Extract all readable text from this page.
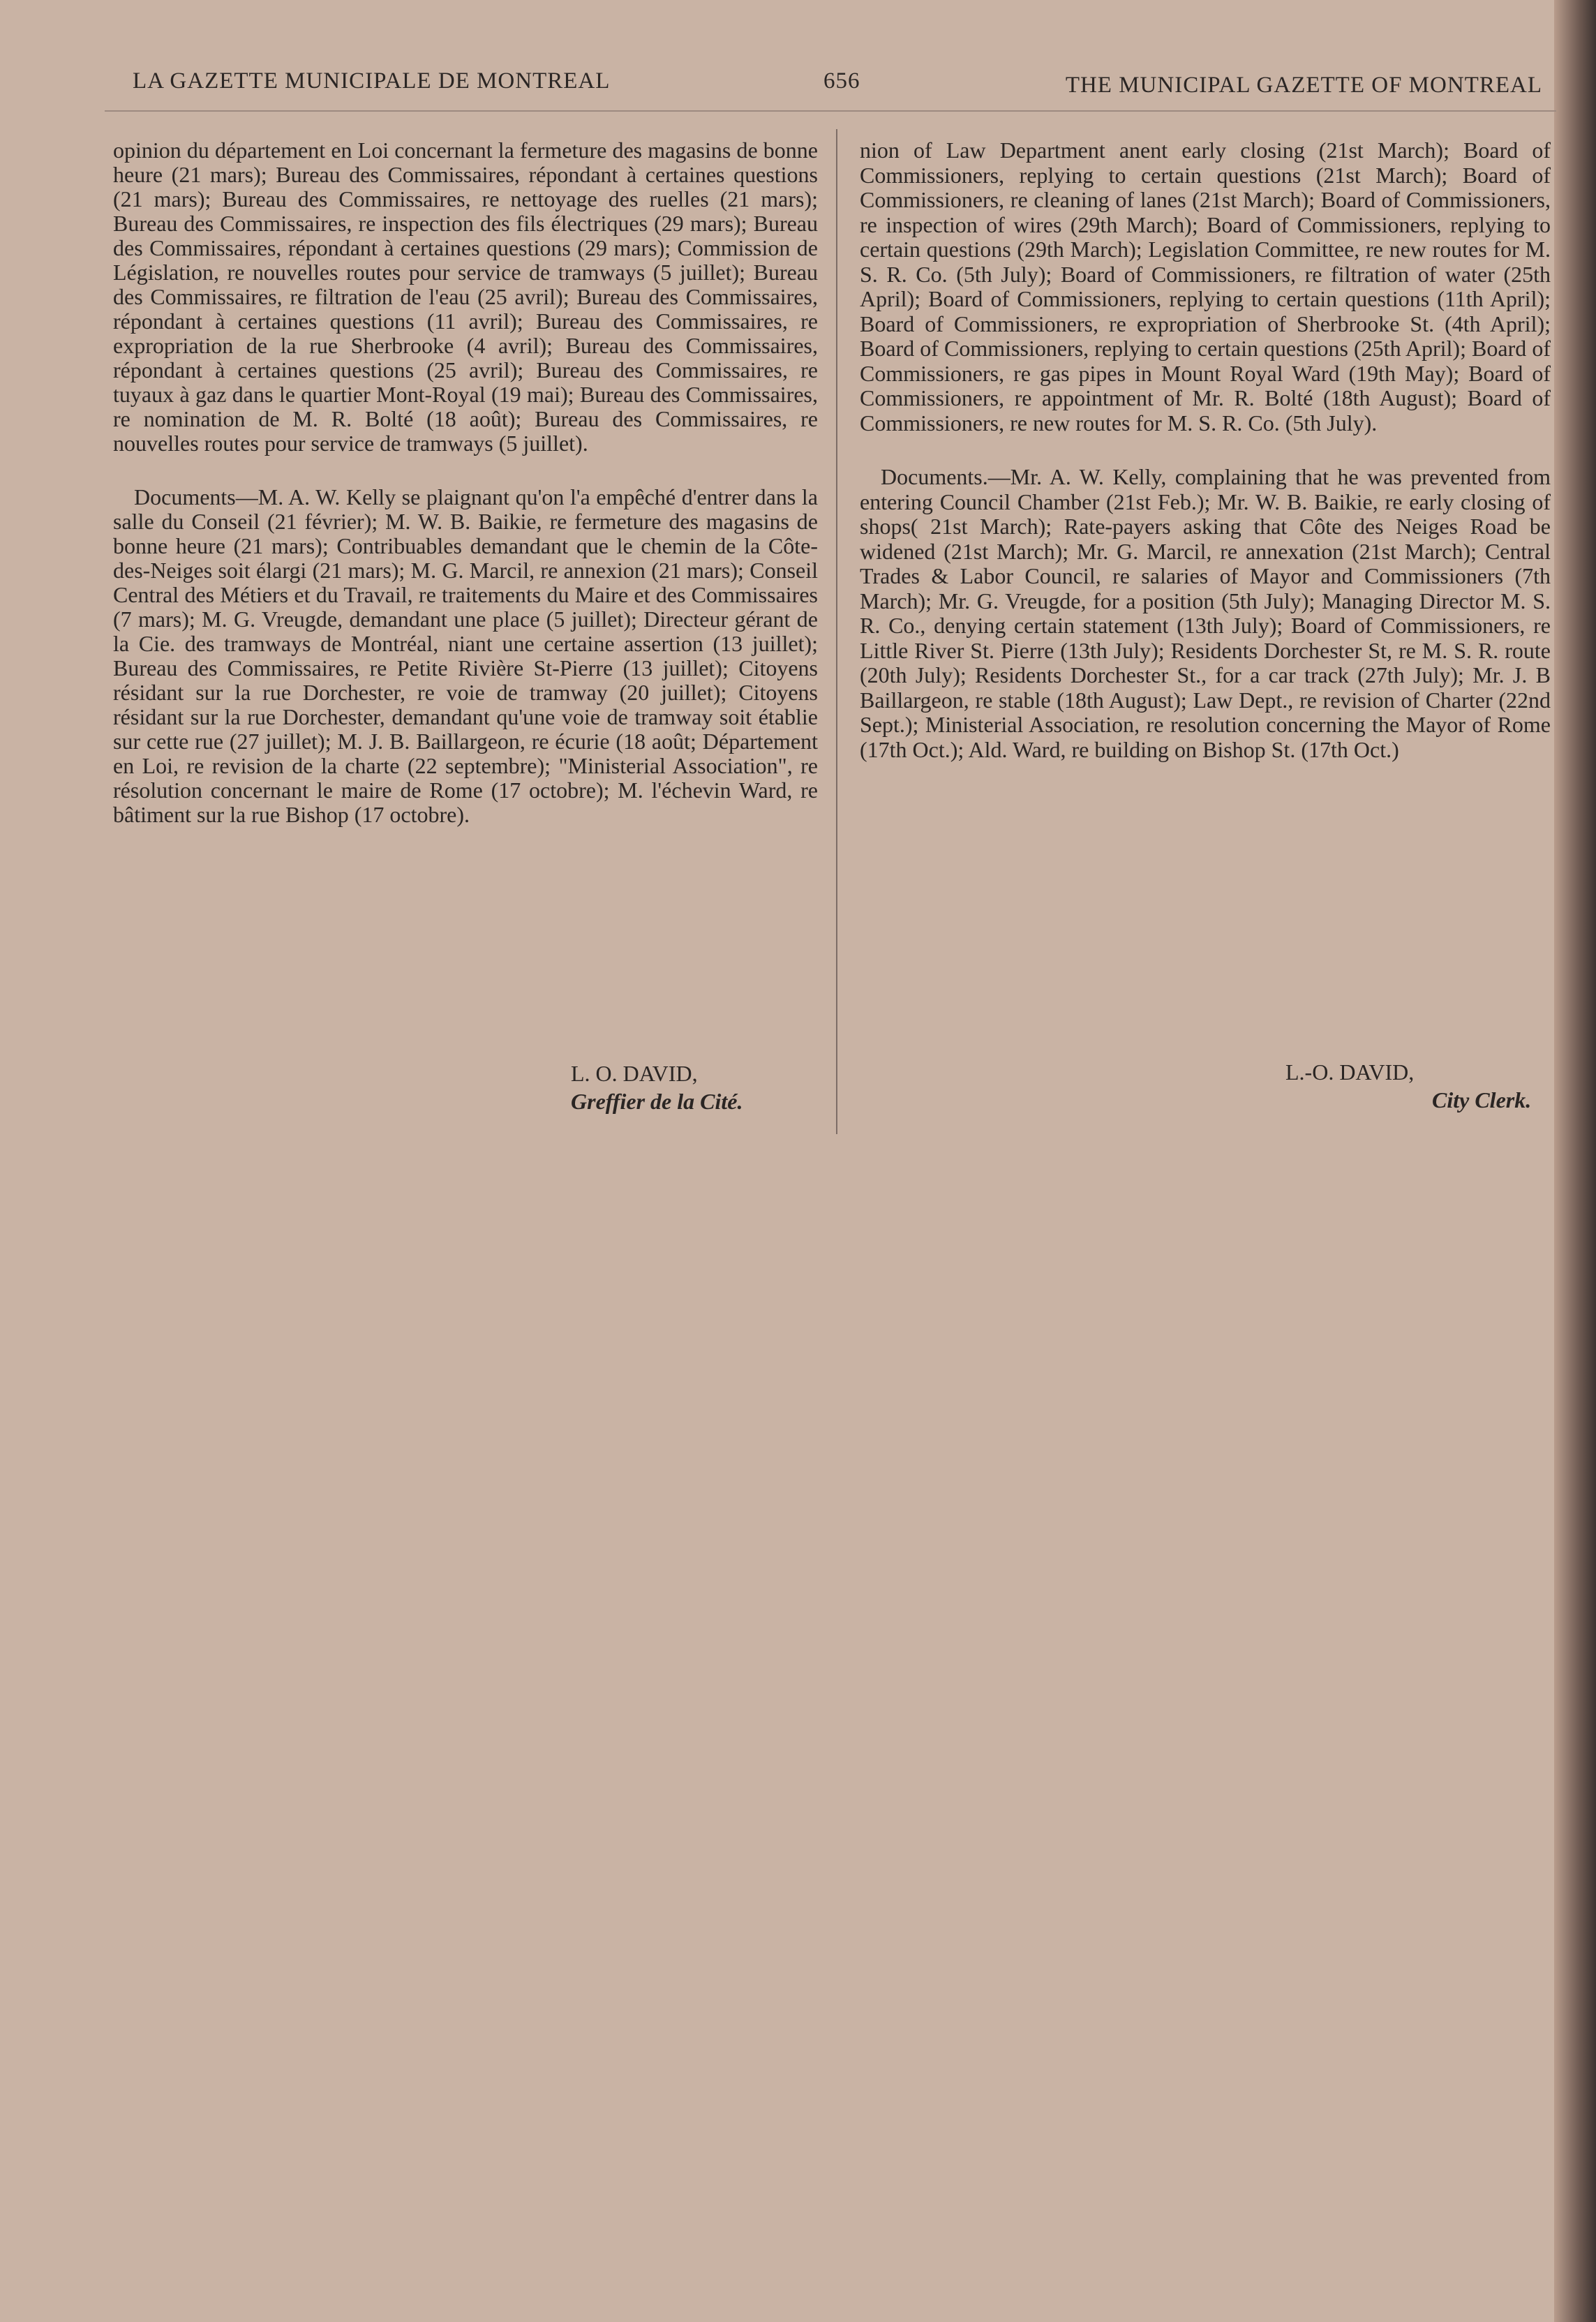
LA GAZETTE MUNICIPALE DE MONTREAL	656	THE MUNICIPAL GAZETTE OF MONTREAL

opinion du département en Loi concernant la fermeture des magasins de bonne heure (21 mars); Bureau des Commissaires, répondant à certaines questions (21 mars); Bureau des Commissaires, re nettoyage des ruelles (21 mars); Bureau des Commissaires, re inspection des fils électriques (29 mars); Bureau des Commissaires, répondant à certaines questions (29 mars); Commission de Législation, re nouvelles routes pour service de tramways (5 juillet); Bureau des Commissaires, re filtration de l'eau (25 avril); Bureau des Commissaires, répondant à certaines questions (11 avril); Bureau des Commissaires, re expropriation de la rue Sherbrooke (4 avril); Bureau des Commissaires, répondant à certaines questions (25 avril); Bureau des Commissaires, re tuyaux à gaz dans le quartier Mont-Royal (19 mai); Bureau des Commissaires, re nomination de M. R. Bolté (18 août); Bureau des Commissaires, re nouvelles routes pour service de tramways (5 juillet).

Documents—M. A. W. Kelly se plaignant qu'on l'a empêché d'entrer dans la salle du Conseil (21 février); M. W. B. Baikie, re fermeture des magasins de bonne heure (21 mars); Contribuables demandant que le chemin de la Côte-des-Neiges soit élargi (21 mars); M. G. Marcil, re annexion (21 mars); Conseil Central des Métiers et du Travail, re traitements du Maire et des Commissaires (7 mars); M. G. Vreugde, demandant une place (5 juillet); Directeur gérant de la Cie. des tramways de Montréal, niant une certaine assertion (13 juillet); Bureau des Commissaires, re Petite Rivière St-Pierre (13 juillet); Citoyens résidant sur la rue Dorchester, re voie de tramway (20 juillet); Citoyens résidant sur la rue Dorchester, demandant qu'une voie de tramway soit établie sur cette rue (27 juillet); M. J. B. Baillargeon, re écurie (18 août; Département en Loi, re revision de la charte (22 septembre); "Ministerial Association", re résolution concernant le maire de Rome (17 octobre); M. l'échevin Ward, re bâtiment sur la rue Bishop (17 octobre).

nion of Law Department anent early closing (21st March); Board of Commissioners, replying to certain questions (21st March); Board of Commissioners, re cleaning of lanes (21st March); Board of Commissioners, re inspection of wires (29th March); Board of Commissioners, replying to certain questions (29th March); Legislation Committee, re new routes for M. S. R. Co. (5th July); Board of Commissioners, re filtration of water (25th April); Board of Commissioners, replying to certain questions (11th April); Board of Commissioners, re expropriation of Sherbrooke St. (4th April); Board of Commissioners, replying to certain questions (25th April); Board of Commissioners, re gas pipes in Mount Royal Ward (19th May); Board of Commissioners, re appointment of Mr. R. Bolté (18th August); Board of Commissioners, re new routes for M. S. R. Co. (5th July).

Documents.—Mr. A. W. Kelly, complaining that he was prevented from entering Council Chamber (21st Feb.); Mr. W. B. Baikie, re early closing of shops( 21st March); Rate-payers asking that Côte des Neiges Road be widened (21st March); Mr. G. Marcil, re annexation (21st March); Central Trades & Labor Council, re salaries of Mayor and Commissioners (7th March); Mr. G. Vreugde, for a position (5th July); Managing Director M. S. R. Co., denying certain statement (13th July); Board of Commissioners, re Little River St. Pierre (13th July); Residents Dorchester St, re M. S. R. route (20th July); Residents Dorchester St., for a car track (27th July); Mr. J. B Baillargeon, re stable (18th August); Law Dept., re revision of Charter (22nd Sept.); Ministerial Association, re resolution concerning the Mayor of Rome (17th Oct.); Ald. Ward, re building on Bishop St. (17th Oct.)

L. O. DAVID,
Greffier de la Cité.
L.-O. DAVID,
City Clerk.
